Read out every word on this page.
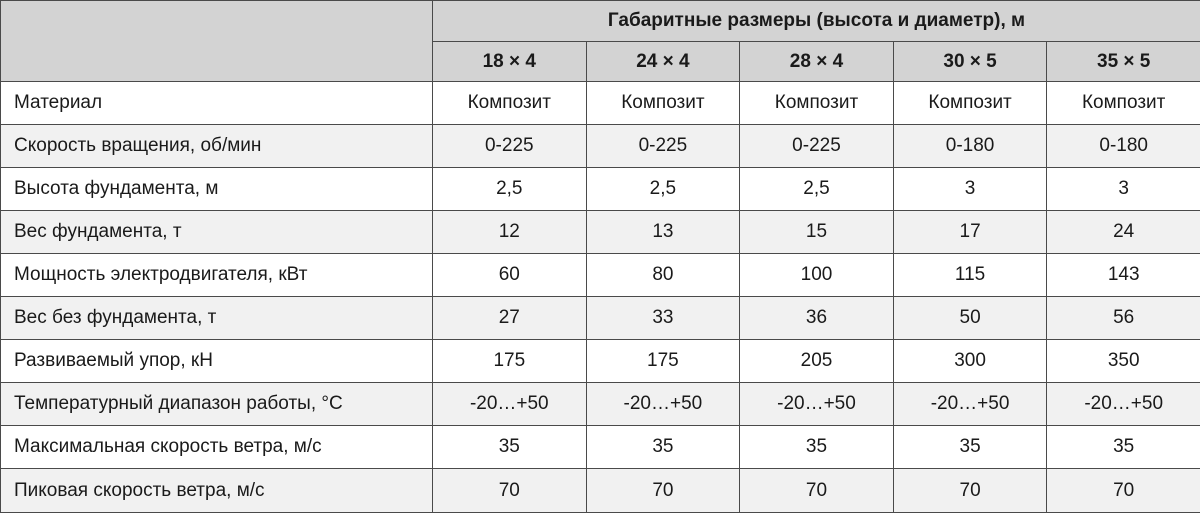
	Габаритные размеры (высота и диаметр), м				
	18 × 4	24 × 4	28 × 4	30 × 5	35 × 5
Материал	Композит	Композит	Композит	Композит	Композит
Скорость вращения, об/мин	0-225	0-225	0-225	0-180	0-180
Высота фундамента, м	2,5	2,5	2,5	3	3
Вес фундамента, т	12	13	15	17	24
Мощность электродвигателя, кВт	60	80	100	115	143
Вес без фундамента, т	27	33	36	50	56
Развиваемый упор, кН	175	175	205	300	350
Температурный диапазон работы, °С	-20…+50	-20…+50	-20…+50	-20…+50	-20…+50
Максимальная скорость ветра, м/с	35	35	35	35	35
Пиковая скорость ветра, м/с	70	70	70	70	70
